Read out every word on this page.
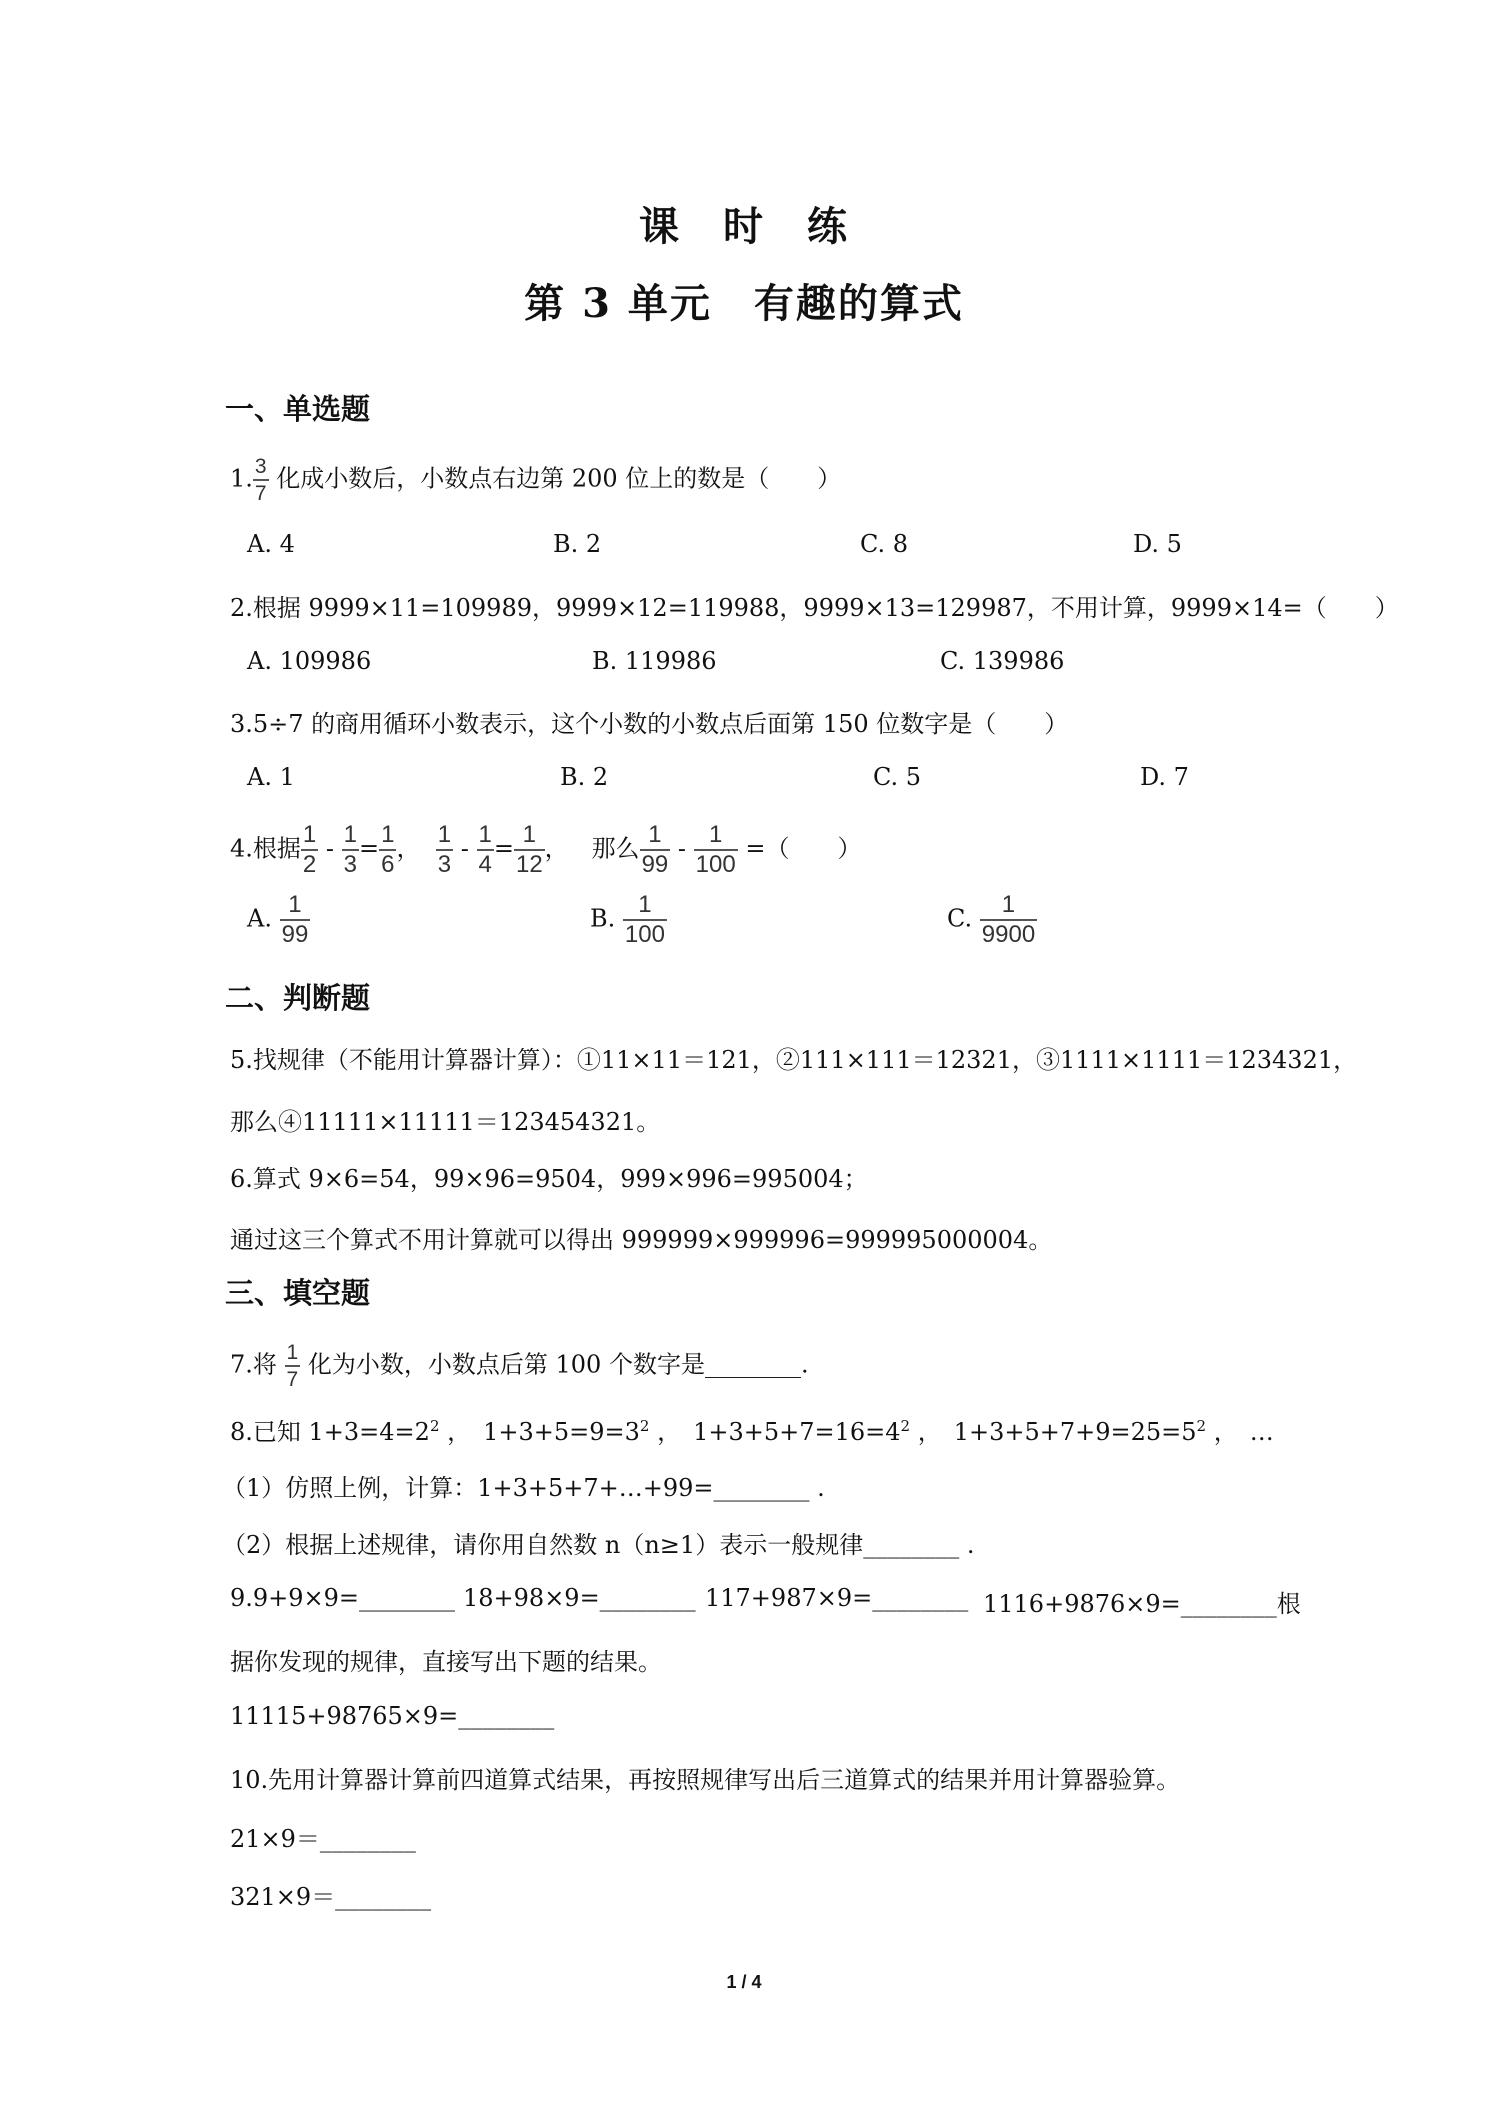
课　时　练
第 3 单元　有趣的算式
一、单选题
1. $\frac{3}{7}$ 化成小数后，小数点右边第 200 位上的数是（　　）
A. 4	B. 2	C. 8	D. 5
2.根据 9999×11=109989，9999×12=119988，9999×13=129987，不用计算，9999×14=（　　）
A. 109986	B. 119986	C. 139986
3.5÷7 的商用循环小数表示，这个小数的小数点后面第 150 位数字是（　　）
A. 1	B. 2	C. 5	D. 7
4.根据 $\frac{1}{2} - \frac{1}{3} = \frac{1}{6}$ ， $\frac{1}{3} - \frac{1}{4} = \frac{1}{12}$ ， 那么 $\frac{1}{99} - \frac{1}{100}$ =（　　）
A. $\frac{1}{99}$	B. $\frac{1}{100}$	C. $\frac{1}{9900}$
二、判断题
5.找规律（不能用计算器计算）：①11×11＝121，②111×111＝12321，③1111×1111＝1234321，
那么④11111×11111＝123454321。
6.算式 9×6=54，99×96=9504，999×996=995004；
通过这三个算式不用计算就可以得出 999999×999996=999995000004。
三、填空题
7.将 $\frac{1}{7}$ 化为小数，小数点后第 100 个数字是________.
8.已知 $1+3=4=2^2$ ，　$1+3+5=9=3^2$ ，　$1+3+5+7=16=4^2$ ，　$1+3+5+7+9=25=5^2$ ，　…
（1）仿照上例，计算：1+3+5+7+…+99=________ .
（2）根据上述规律，请你用自然数 n（n≥1）表示一般规律________ .
9.9+9×9=________ 18+98×9=________ 117+987×9=________ 1116+9876×9=________根
据你发现的规律，直接写出下题的结果。
11115+98765×9=________
10.先用计算器计算前四道算式结果，再按照规律写出后三道算式的结果并用计算器验算。
21×9＝________
321×9＝________
1 / 4
